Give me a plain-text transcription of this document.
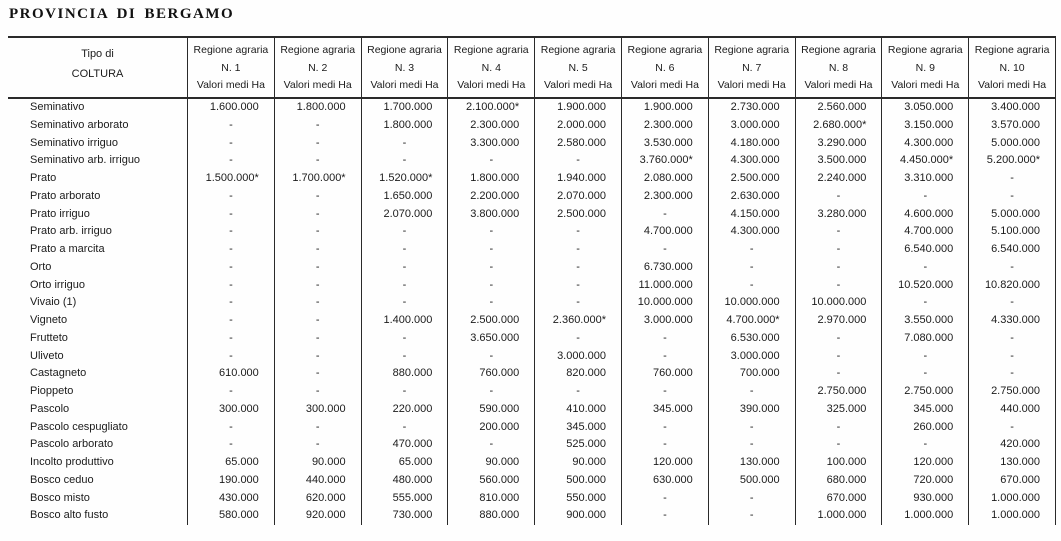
PROVINCIA DI BERGAMO
Tipo di
COLTURA
Regione agraria
N. 1
Valori medi Ha
Regione agraria
N. 2
Valori medi Ha
Regione agraria
N. 3
Valori medi Ha
Regione agraria
N. 4
Valori medi Ha
Regione agraria
N. 5
Valori medi Ha
Regione agraria
N. 6
Valori medi Ha
Regione agraria
N. 7
Valori medi Ha
Regione agraria
N. 8
Valori medi Ha
Regione agraria
N. 9
Valori medi Ha
Regione agraria
N. 10
Valori medi Ha
Seminativo	1.600.000	1.800.000	1.700.000	2.100.000*	1.900.000	1.900.000	2.730.000	2.560.000	3.050.000	3.400.000
Seminativo arborato	-	-	1.800.000	2.300.000	2.000.000	2.300.000	3.000.000	2.680.000*	3.150.000	3.570.000
Seminativo irriguo	-	-	-	3.300.000	2.580.000	3.530.000	4.180.000	3.290.000	4.300.000	5.000.000
Seminativo arb. irriguo	-	-	-	-	-	3.760.000*	4.300.000	3.500.000	4.450.000*	5.200.000*
Prato	1.500.000*	1.700.000*	1.520.000*	1.800.000	1.940.000	2.080.000	2.500.000	2.240.000	3.310.000	-
Prato arborato	-	-	1.650.000	2.200.000	2.070.000	2.300.000	2.630.000	-	-	-
Prato irriguo	-	-	2.070.000	3.800.000	2.500.000	-	4.150.000	3.280.000	4.600.000	5.000.000
Prato arb. irriguo	-	-	-	-	-	4.700.000	4.300.000	-	4.700.000	5.100.000
Prato a marcita	-	-	-	-	-	-	-	-	6.540.000	6.540.000
Orto	-	-	-	-	-	6.730.000	-	-	-	-
Orto irriguo	-	-	-	-	-	11.000.000	-	-	10.520.000	10.820.000
Vivaio (1)	-	-	-	-	-	10.000.000	10.000.000	10.000.000	-	-
Vigneto	-	-	1.400.000	2.500.000	2.360.000*	3.000.000	4.700.000*	2.970.000	3.550.000	4.330.000
Frutteto	-	-	-	3.650.000	-	-	6.530.000	-	7.080.000	-
Uliveto	-	-	-	-	3.000.000	-	3.000.000	-	-	-
Castagneto	610.000	-	880.000	760.000	820.000	760.000	700.000	-	-	-
Pioppeto	-	-	-	-	-	-	-	2.750.000	2.750.000	2.750.000
Pascolo	300.000	300.000	220.000	590.000	410.000	345.000	390.000	325.000	345.000	440.000
Pascolo cespugliato	-	-	-	200.000	345.000	-	-	-	260.000	-
Pascolo arborato	-	-	470.000	-	525.000	-	-	-	-	420.000
Incolto produttivo	65.000	90.000	65.000	90.000	90.000	120.000	130.000	100.000	120.000	130.000
Bosco ceduo	190.000	440.000	480.000	560.000	500.000	630.000	500.000	680.000	720.000	670.000
Bosco misto	430.000	620.000	555.000	810.000	550.000	-	-	670.000	930.000	1.000.000
Bosco alto fusto	580.000	920.000	730.000	880.000	900.000	-	-	1.000.000	1.000.000	1.000.000
